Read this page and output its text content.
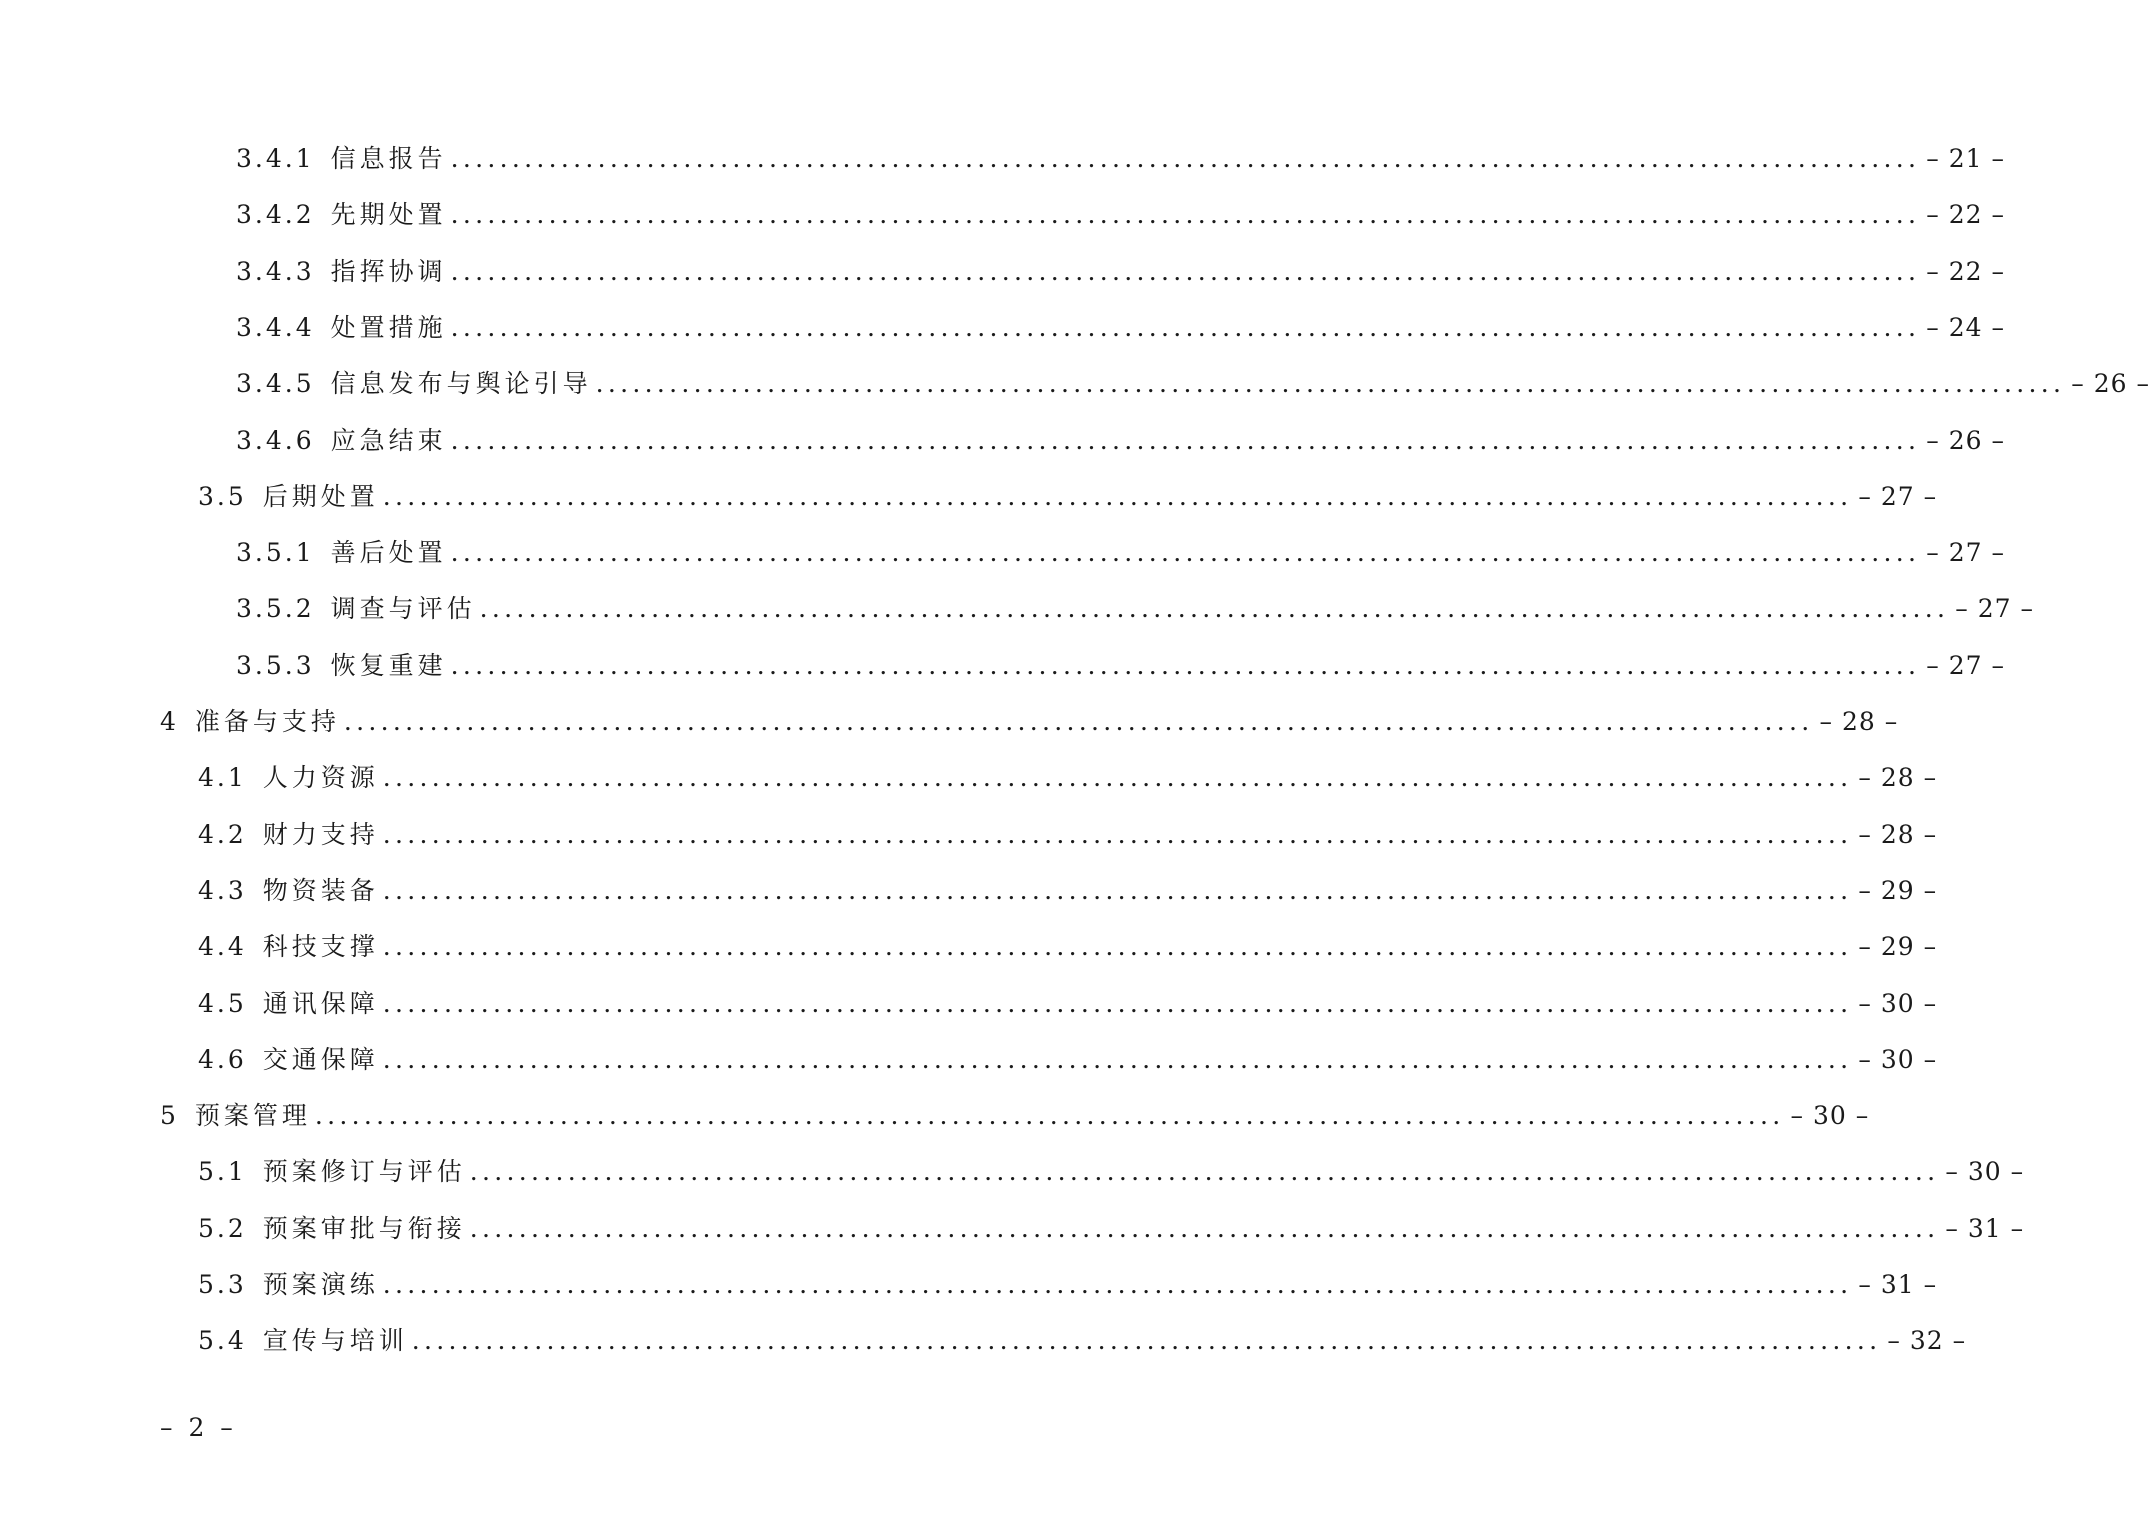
3.4.1 信息报告 ........................................................................................................................ – 21 –
3.4.2 先期处置 ........................................................................................................................ – 22 –
3.4.3 指挥协调 ........................................................................................................................ – 22 –
3.4.4 处置措施 ........................................................................................................................ – 24 –
3.4.5 信息发布与舆论引导 ........................................................................................................................ – 26 –
3.4.6 应急结束 ........................................................................................................................ – 26 –
3.5 后期处置 ........................................................................................................................ – 27 –
3.5.1 善后处置 ........................................................................................................................ – 27 –
3.5.2 调查与评估 ........................................................................................................................ – 27 –
3.5.3 恢复重建 ........................................................................................................................ – 27 –
4 准备与支持 ........................................................................................................................ – 28 –
4.1 人力资源 ........................................................................................................................ – 28 –
4.2 财力支持 ........................................................................................................................ – 28 –
4.3 物资装备 ........................................................................................................................ – 29 –
4.4 科技支撑 ........................................................................................................................ – 29 –
4.5 通讯保障 ........................................................................................................................ – 30 –
4.6 交通保障 ........................................................................................................................ – 30 –
5 预案管理 ........................................................................................................................ – 30 –
5.1 预案修订与评估 ........................................................................................................................ – 30 –
5.2 预案审批与衔接 ........................................................................................................................ – 31 –
5.3 预案演练 ........................................................................................................................ – 31 –
5.4 宣传与培训 ........................................................................................................................ – 32 –
– 2 –
